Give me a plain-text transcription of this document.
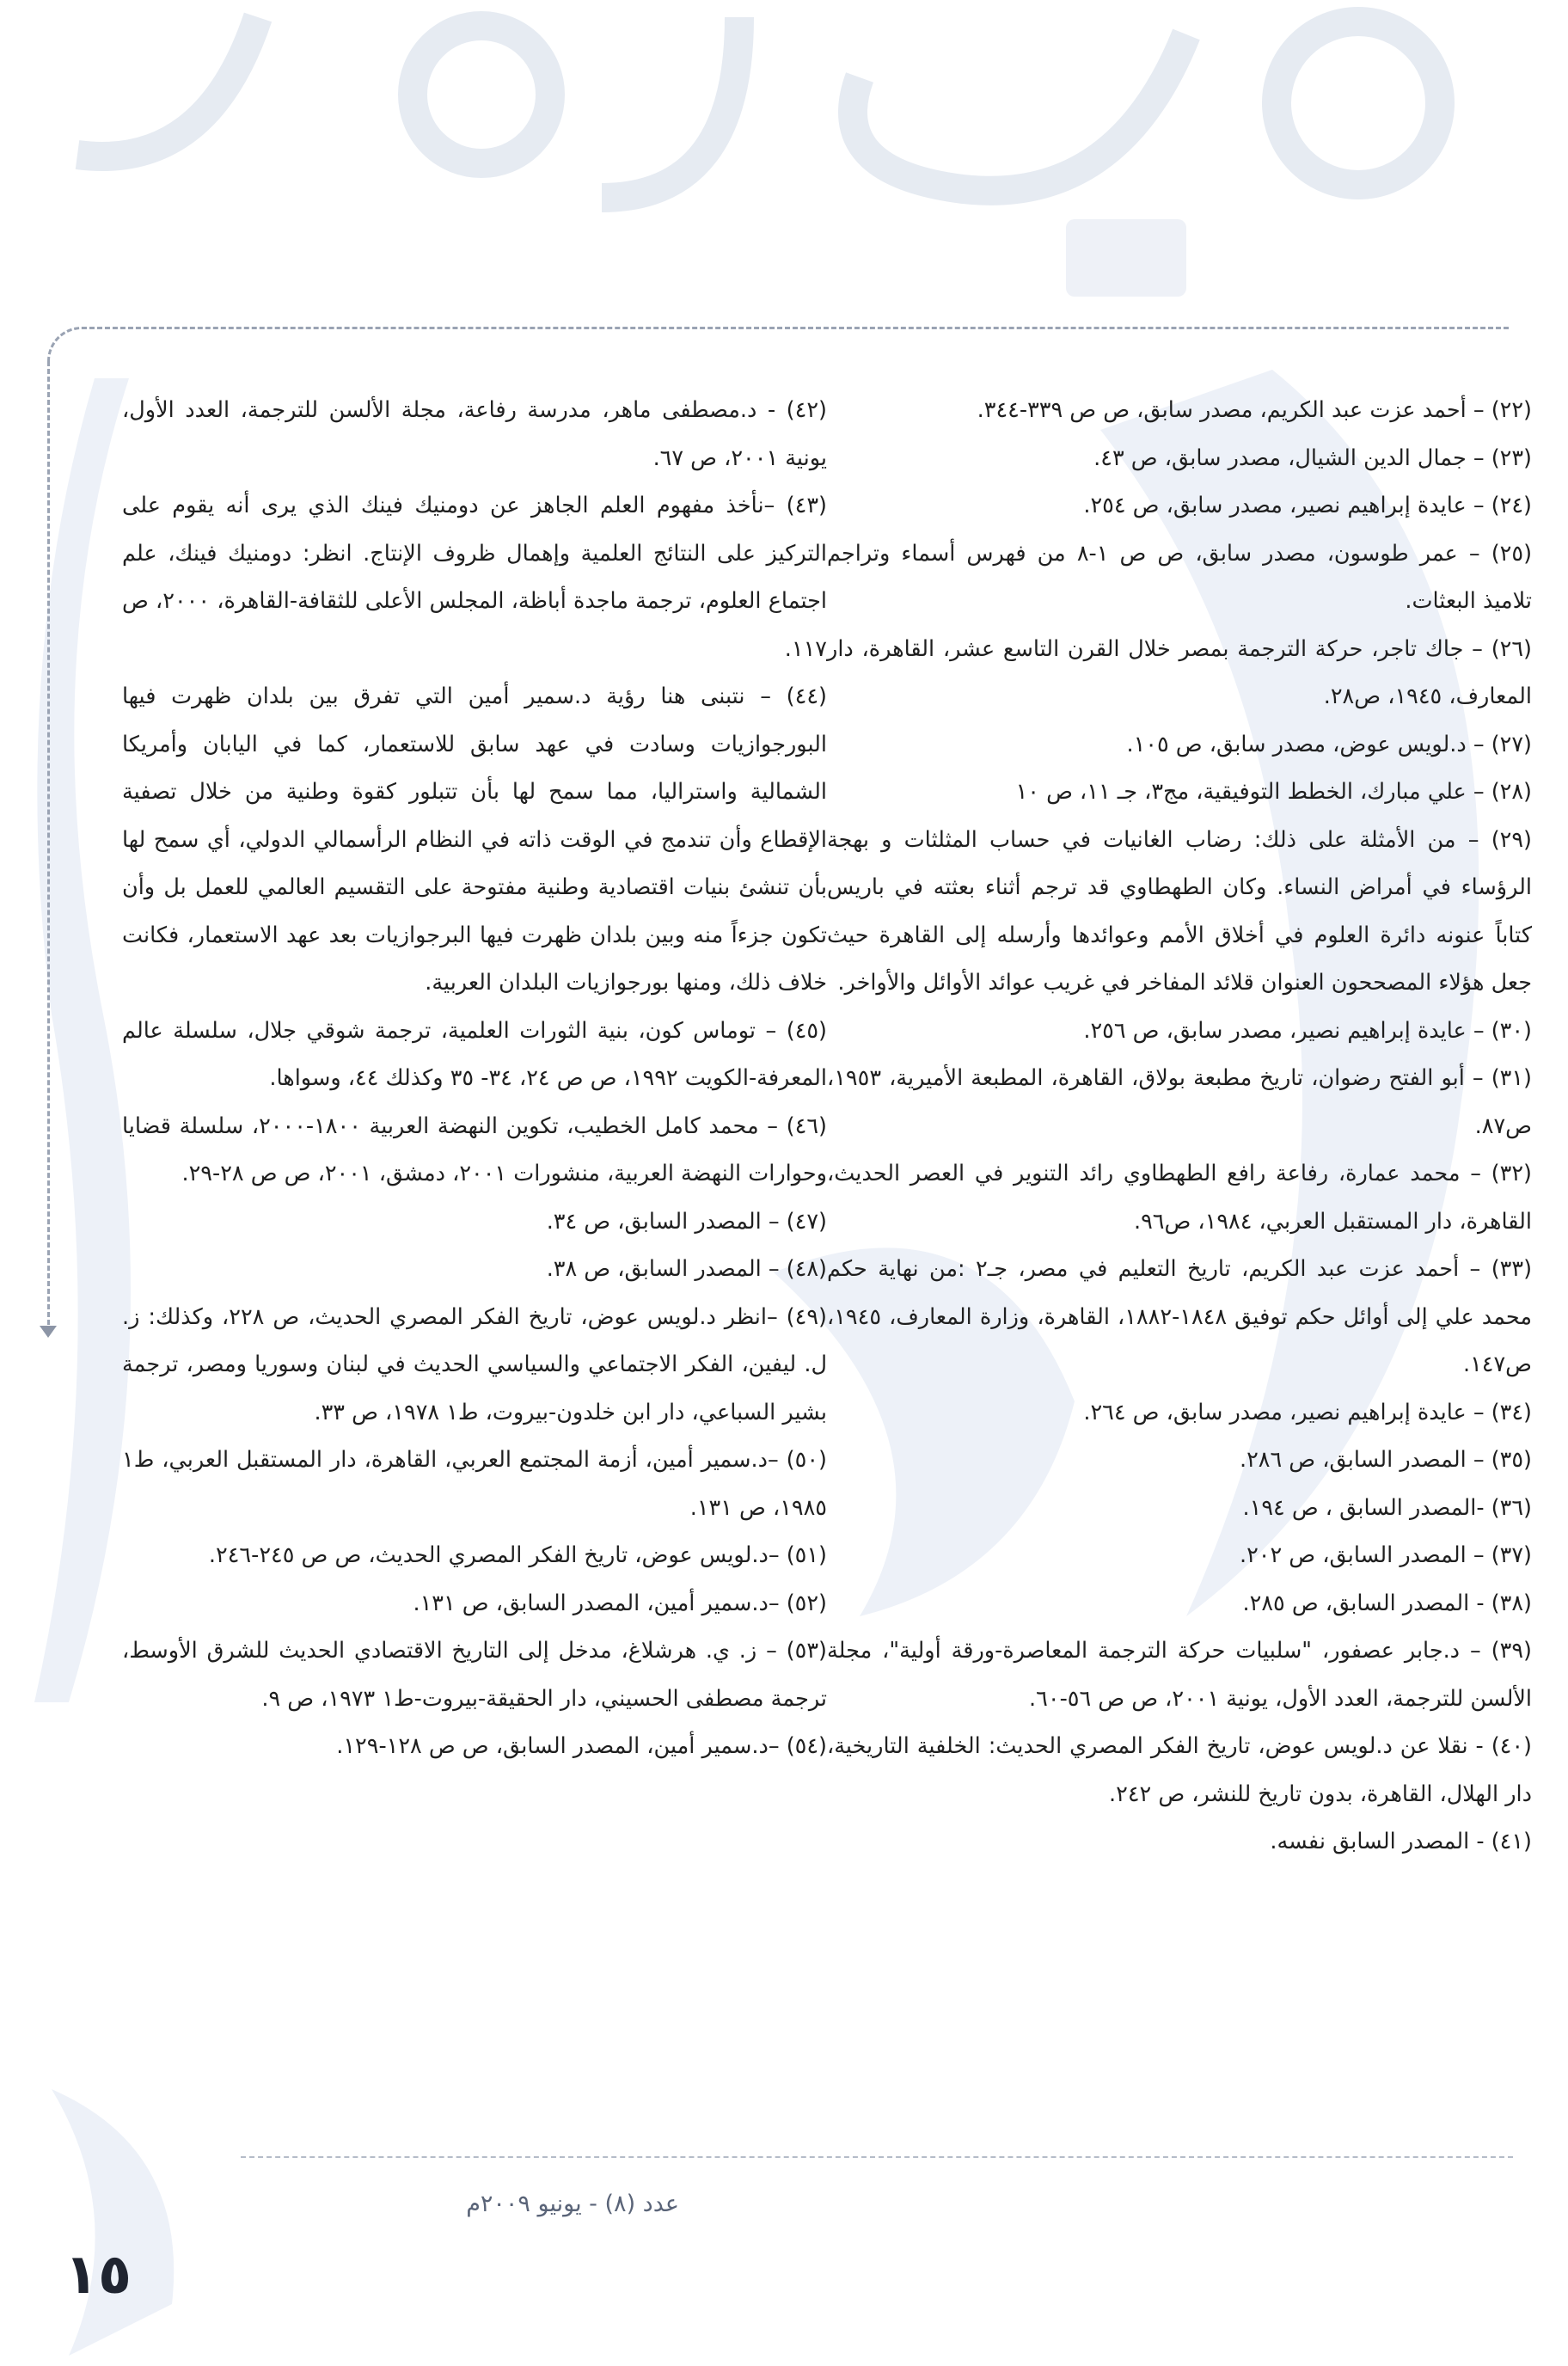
(٢٢) – أحمد عزت عبد الكريم، مصدر سابق، ص ص ٣٣٩-٣٤٤.

(٢٣) – جمال الدين الشيال، مصدر سابق، ص ٤٣.

(٢٤) – عايدة إبراهيم نصير، مصدر سابق، ص ٢٥٤.

(٢٥) – عمر طوسون، مصدر سابق، ص ص ١-٨ من فهرس أسماء وتراجم تلاميذ البعثات.

(٢٦) – جاك تاجر، حركة الترجمة بمصر خلال القرن التاسع عشر، القاهرة، دار المعارف، ١٩٤٥، ص٢٨.

(٢٧) – د.لويس عوض، مصدر سابق، ص ١٠٥.

(٢٨) – علي مبارك، الخطط التوفيقية، مج٣، جـ ١١، ص ١٠

(٢٩) – من الأمثلة على ذلك: رضاب الغانيات في حساب المثلثات و بهجة الرؤساء في أمراض النساء. وكان الطهطاوي قد ترجم أثناء بعثته في باريس كتاباً عنونه دائرة العلوم في أخلاق الأمم وعوائدها وأرسله إلى القاهرة حيث جعل هؤلاء المصححون العنوان قلائد المفاخر في غريب عوائد الأوائل والأواخر.

(٣٠) – عايدة إبراهيم نصير، مصدر سابق، ص ٢٥٦.

(٣١) – أبو الفتح رضوان، تاريخ مطبعة بولاق، القاهرة، المطبعة الأميرية، ١٩٥٣، ص٨٧.

(٣٢) – محمد عمارة، رفاعة رافع الطهطاوي رائد التنوير في العصر الحديث، القاهرة، دار المستقبل العربي، ١٩٨٤، ص٩٦.

(٣٣) – أحمد عزت عبد الكريم، تاريخ التعليم في مصر، جـ٢ :من نهاية حكم محمد علي إلى أوائل حكم توفيق ١٨٤٨-١٨٨٢، القاهرة، وزارة المعارف، ١٩٤٥، ص١٤٧.

(٣٤) – عايدة إبراهيم نصير، مصدر سابق، ص ٢٦٤.

(٣٥) – المصدر السابق، ص ٢٨٦.

(٣٦) -المصدر السابق ، ص ١٩٤.

(٣٧) – المصدر السابق، ص ٢٠٢.

(٣٨) - المصدر السابق، ص ٢٨٥.

(٣٩) – د.جابر عصفور، "سلبيات حركة الترجمة المعاصرة-ورقة أولية"، مجلة الألسن للترجمة، العدد الأول، يونية ٢٠٠١، ص ص ٥٦-٦٠.

(٤٠) - نقلا عن د.لويس عوض، تاريخ الفكر المصري الحديث: الخلفية التاريخية، دار الهلال، القاهرة، بدون تاريخ للنشر، ص ٢٤٢.

(٤١) - المصدر السابق نفسه.

(٤٢) - د.مصطفى ماهر، مدرسة رفاعة، مجلة الألسن للترجمة، العدد الأول، يونية ٢٠٠١، ص ٦٧.

(٤٣) –نأخذ مفهوم العلم الجاهز عن دومنيك فينك الذي يرى أنه يقوم على التركيز على النتائج العلمية وإهمال ظروف الإنتاج. انظر: دومنيك فينك، علم اجتماع العلوم، ترجمة ماجدة أباظة، المجلس الأعلى للثقافة-القاهرة، ٢٠٠٠، ص ١١٧.

(٤٤) – نتبنى هنا رؤية د.سمير أمين التي تفرق بين بلدان ظهرت فيها البورجوازيات وسادت في عهد سابق للاستعمار، كما في اليابان وأمريكا الشمالية واستراليا، مما سمح لها بأن تتبلور كقوة وطنية من خلال تصفية الإقطاع وأن تندمج في الوقت ذاته في النظام الرأسمالي الدولي، أي سمح لها بأن تنشئ بنيات اقتصادية وطنية مفتوحة على التقسيم العالمي للعمل بل وأن تكون جزءاً منه وبين بلدان ظهرت فيها البرجوازيات بعد عهد الاستعمار، فكانت خلاف ذلك، ومنها بورجوازيات البلدان العربية.

(٤٥) – توماس كون، بنية الثورات العلمية، ترجمة شوقي جلال، سلسلة عالم المعرفة-الكويت ١٩٩٢، ص ص ٢٤، ٣٤- ٣٥ وكذلك ٤٤، وسواها.

(٤٦) – محمد كامل الخطيب، تكوين النهضة العربية ١٨٠٠-٢٠٠٠، سلسلة قضايا وحوارات النهضة العربية، منشورات ٢٠٠١، دمشق، ٢٠٠١، ص ص ٢٨-٢٩.

(٤٧) – المصدر السابق، ص ٣٤.

(٤٨) – المصدر السابق، ص ٣٨.

(٤٩) –انظر د.لويس عوض، تاريخ الفكر المصري الحديث، ص ٢٢٨، وكذلك: ز. ل. ليفين، الفكر الاجتماعي والسياسي الحديث في لبنان وسوريا ومصر، ترجمة بشير السباعي، دار ابن خلدون-بيروت، ط١ ١٩٧٨، ص ٣٣.

(٥٠) –د.سمير أمين، أزمة المجتمع العربي، القاهرة، دار المستقبل العربي، ط١ ١٩٨٥، ص ١٣١.

(٥١) –د.لويس عوض، تاريخ الفكر المصري الحديث، ص ص ٢٤٥-٢٤٦.

(٥٢) –د.سمير أمين، المصدر السابق، ص ١٣١.

(٥٣) – ز. ي. هرشلاغ، مدخل إلى التاريخ الاقتصادي الحديث للشرق الأوسط، ترجمة مصطفى الحسيني، دار الحقيقة-بيروت-ط١ ١٩٧٣، ص ٩.

(٥٤) –د.سمير أمين، المصدر السابق، ص ص ١٢٨-١٢٩.

عدد (٨) - يونيو ٢٠٠٩م
١٥
